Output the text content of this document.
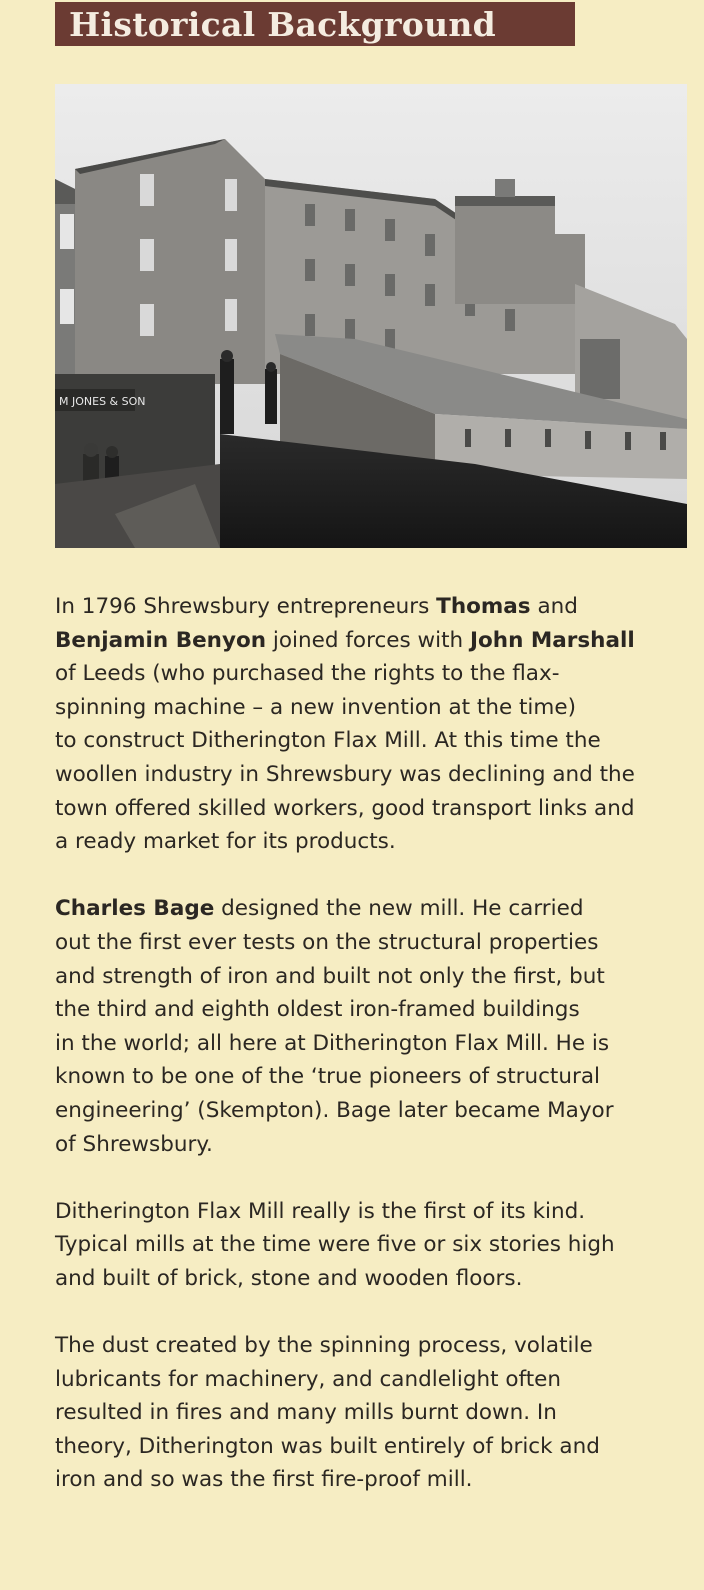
Historical Background
M JONES & SON
In 1796 Shrewsbury entrepreneurs Thomas and
Benjamin Benyon joined forces with John Marshall
of Leeds (who purchased the rights to the flax-
spinning machine – a new invention at the time)
to construct Ditherington Flax Mill. At this time the
woollen industry in Shrewsbury was declining and the
town offered skilled workers, good transport links and
a ready market for its products.
Charles Bage designed the new mill. He carried
out the first ever tests on the structural properties
and strength of iron and built not only the first, but
the third and eighth oldest iron-framed buildings
in the world; all here at Ditherington Flax Mill. He is
known to be one of the ‘true pioneers of structural
engineering’ (Skempton). Bage later became Mayor
of Shrewsbury.
Ditherington Flax Mill really is the first of its kind.
Typical mills at the time were five or six stories high
and built of brick, stone and wooden floors.
The dust created by the spinning process, volatile
lubricants for machinery, and candlelight often
resulted in fires and many mills burnt down. In
theory, Ditherington was built entirely of brick and
iron and so was the first fire-proof mill.
